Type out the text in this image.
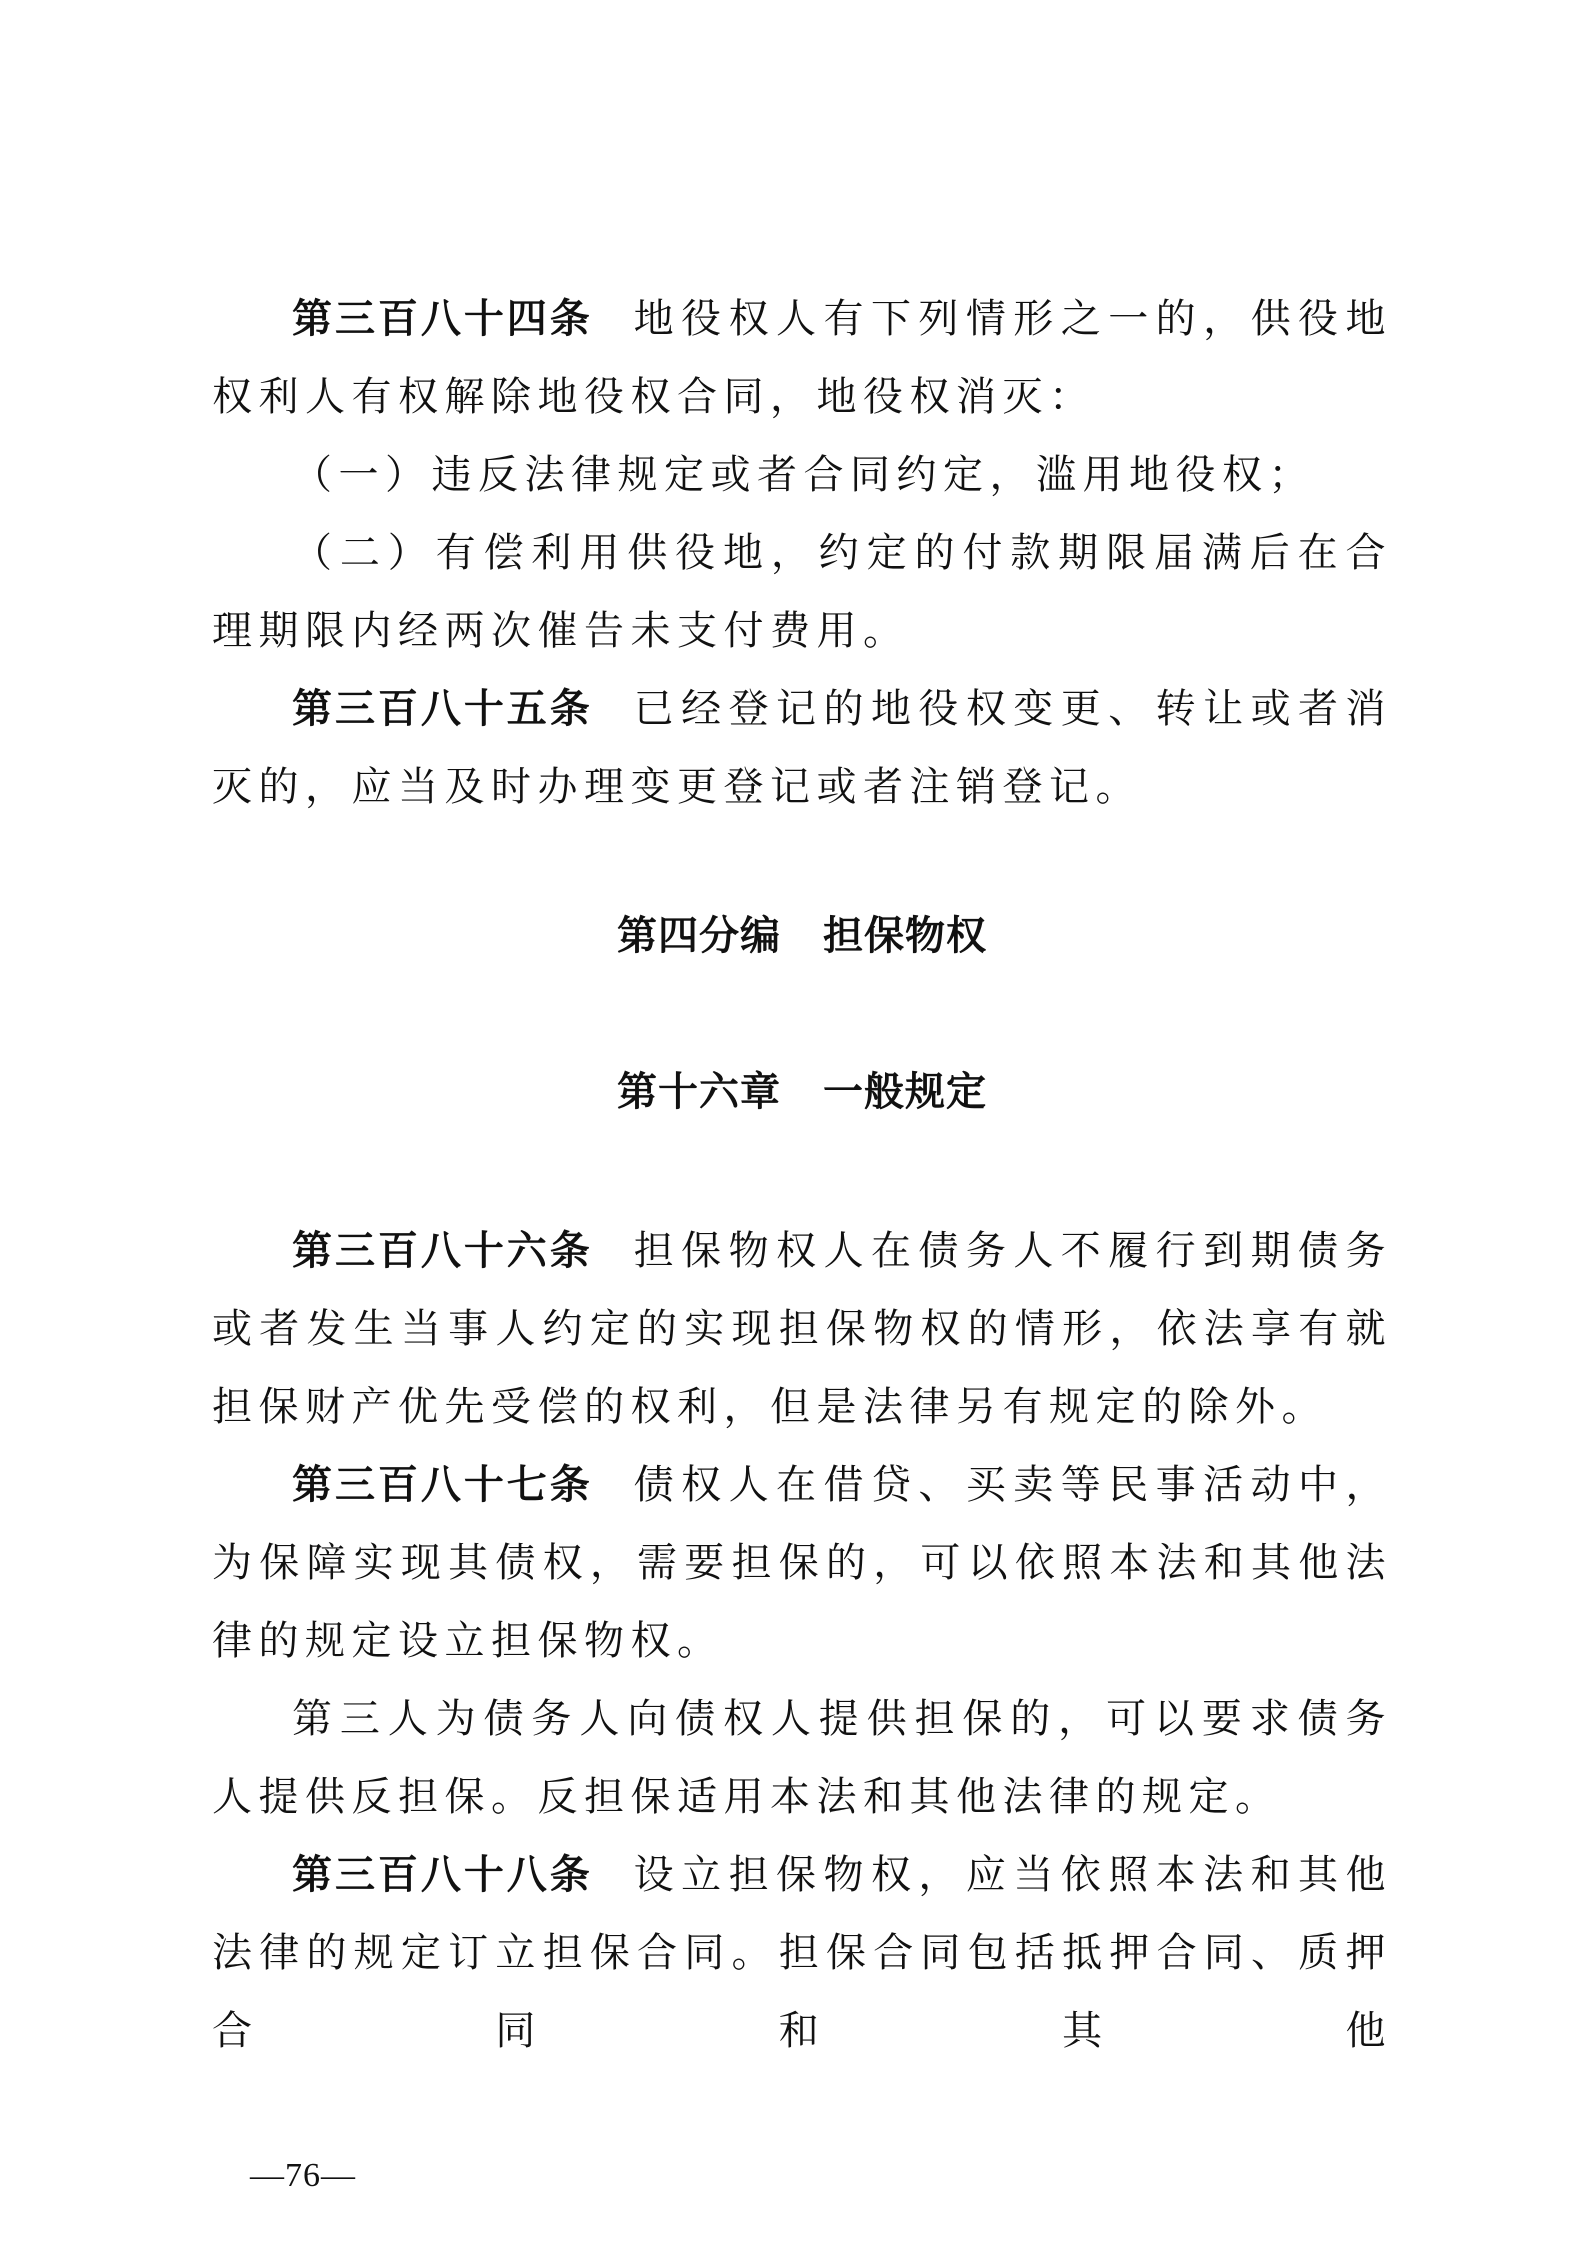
第三百八十四条 地役权人有下列情形之一的，供役地权利人有权解除地役权合同，地役权消灭：

（一）违反法律规定或者合同约定，滥用地役权；

（二）有偿利用供役地，约定的付款期限届满后在合理期限内经两次催告未支付费用。

第三百八十五条 已经登记的地役权变更、转让或者消灭的，应当及时办理变更登记或者注销登记。

第四分编 担保物权
第十六章 一般规定

第三百八十六条 担保物权人在债务人不履行到期债务或者发生当事人约定的实现担保物权的情形，依法享有就担保财产优先受偿的权利，但是法律另有规定的除外。

第三百八十七条 债权人在借贷、买卖等民事活动中，为保障实现其债权，需要担保的，可以依照本法和其他法律的规定设立担保物权。

第三人为债务人向债权人提供担保的，可以要求债务人提供反担保。反担保适用本法和其他法律的规定。

第三百八十八条 设立担保物权，应当依照本法和其他法律的规定订立担保合同。担保合同包括抵押合同、质押合同和其他

—76—
